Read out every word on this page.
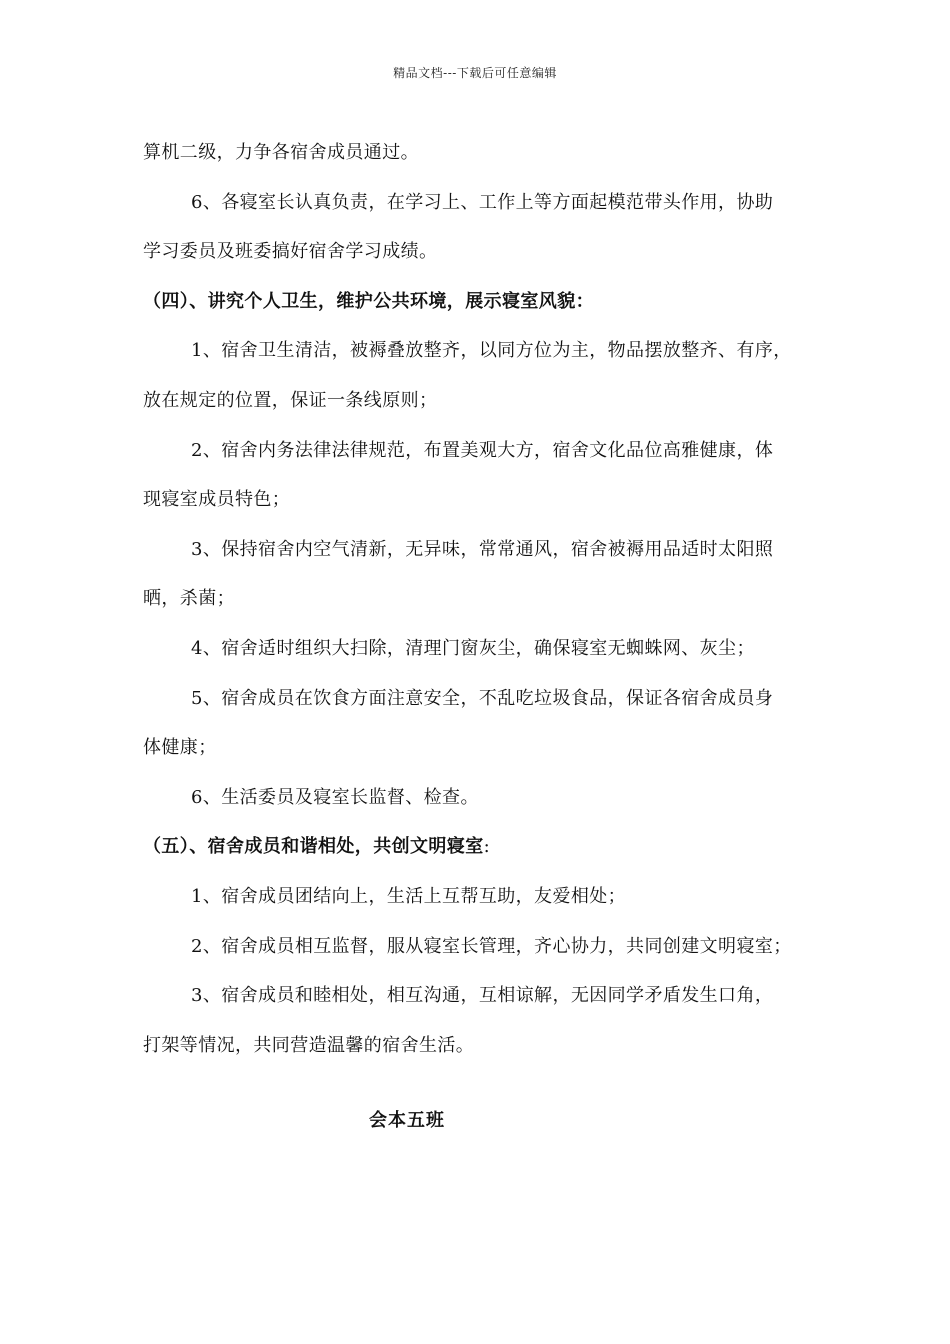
精品文档---下载后可任意编辑
算机二级，力争各宿舍成员通过。
6、各寝室长认真负责，在学习上、工作上等方面起模范带头作用，协助
学习委员及班委搞好宿舍学习成绩。
（四）、讲究个人卫生，维护公共环境，展示寝室风貌：
1、宿舍卫生清洁，被褥叠放整齐，以同方位为主，物品摆放整齐、有序，
放在规定的位置，保证一条线原则；
2、宿舍内务法律法律规范，布置美观大方，宿舍文化品位高雅健康，体
现寝室成员特色；
3、保持宿舍内空气清新，无异味，常常通风，宿舍被褥用品适时太阳照
晒，杀菌；
4、宿舍适时组织大扫除，清理门窗灰尘，确保寝室无蜘蛛网、灰尘；
5、宿舍成员在饮食方面注意安全，不乱吃垃圾食品，保证各宿舍成员身
体健康；
6、生活委员及寝室长监督、检查。
（五）、宿舍成员和谐相处，共创文明寝室:
1、宿舍成员团结向上，生活上互帮互助，友爱相处；
2、宿舍成员相互监督，服从寝室长管理，齐心协力，共同创建文明寝室；
3、宿舍成员和睦相处，相互沟通，互相谅解，无因同学矛盾发生口角，
打架等情况，共同营造温馨的宿舍生活。
会本五班
